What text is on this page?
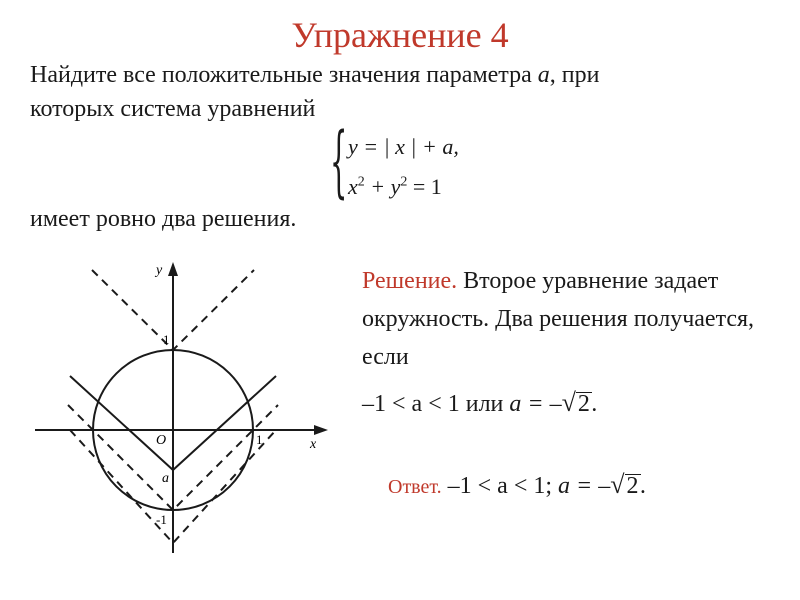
Упражнение 4
Найдите все положительные значения параметра a, при
которых система уравнений
{ y = | x | + a,
$x^2 + y^2 = 1$
имеет ровно два решения.
y
x
O
1
1
-1
a
Решение. Второе уравнение задает окружность. Два решения получается, если
–1 < a < 1 или a = –√2.
Ответ. –1 < a < 1; a = –√2.
